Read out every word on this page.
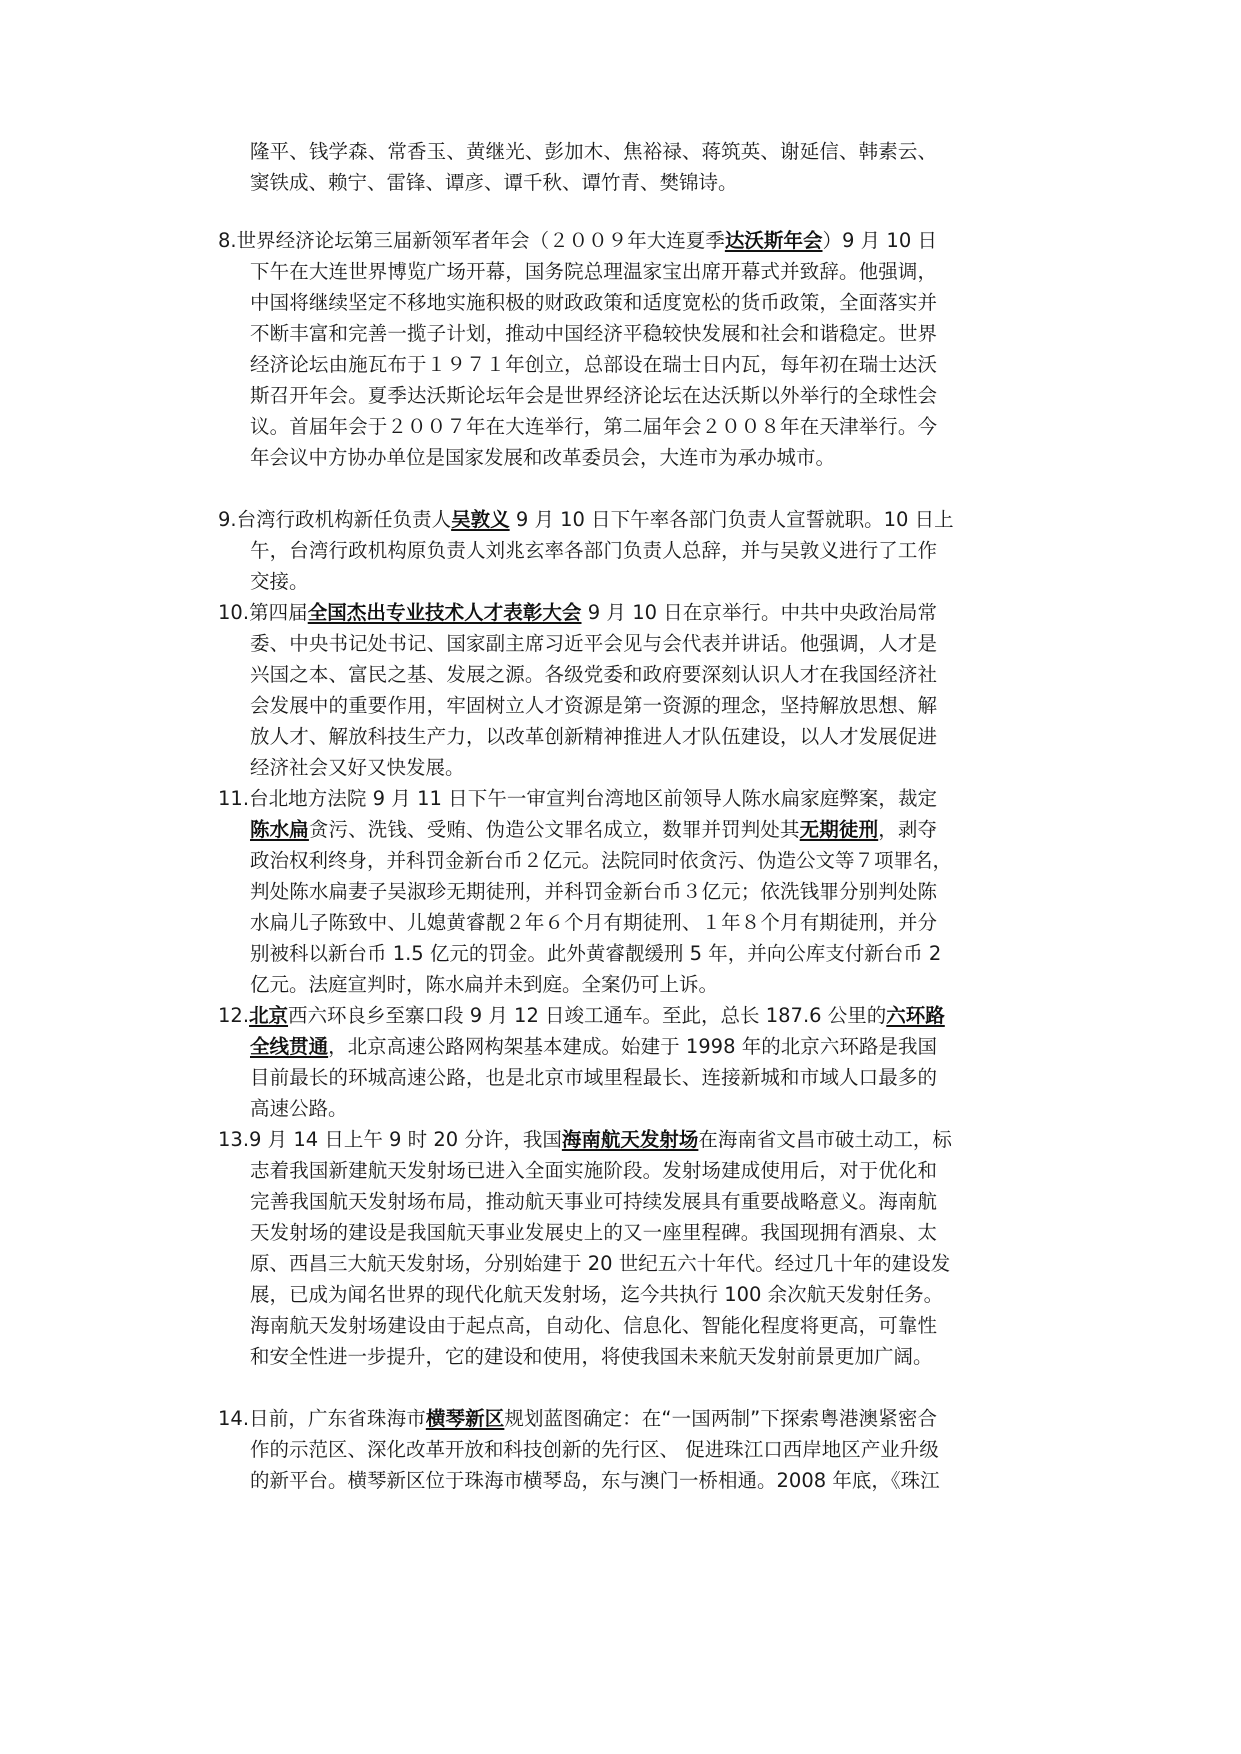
隆平、钱学森、常香玉、黄继光、彭加木、焦裕禄、蒋筑英、谢延信、韩素云、
窦铁成、赖宁、雷锋、谭彦、谭千秋、谭竹青、樊锦诗。
8.世界经济论坛第三届新领军者年会（２００９年大连夏季达沃斯年会）9 月 10 日
下午在大连世界博览广场开幕，国务院总理温家宝出席开幕式并致辞。他强调，
中国将继续坚定不移地实施积极的财政政策和适度宽松的货币政策，全面落实并
不断丰富和完善一揽子计划，推动中国经济平稳较快发展和社会和谐稳定。世界
经济论坛由施瓦布于１９７１年创立，总部设在瑞士日内瓦，每年初在瑞士达沃
斯召开年会。夏季达沃斯论坛年会是世界经济论坛在达沃斯以外举行的全球性会
议。首届年会于２００７年在大连举行，第二届年会２００８年在天津举行。今
年会议中方协办单位是国家发展和改革委员会，大连市为承办城市。
9.台湾行政机构新任负责人吴敦义 9 月 10 日下午率各部门负责人宣誓就职。10 日上
午，台湾行政机构原负责人刘兆玄率各部门负责人总辞，并与吴敦义进行了工作
交接。
10.第四届全国杰出专业技术人才表彰大会 9 月 10 日在京举行。中共中央政治局常
委、中央书记处书记、国家副主席习近平会见与会代表并讲话。他强调，人才是
兴国之本、富民之基、发展之源。各级党委和政府要深刻认识人才在我国经济社
会发展中的重要作用，牢固树立人才资源是第一资源的理念，坚持解放思想、解
放人才、解放科技生产力，以改革创新精神推进人才队伍建设，以人才发展促进
经济社会又好又快发展。
11.台北地方法院 9 月 11 日下午一审宣判台湾地区前领导人陈水扁家庭弊案，裁定
陈水扁贪污、洗钱、受贿、伪造公文罪名成立，数罪并罚判处其无期徒刑，剥夺
政治权利终身，并科罚金新台币２亿元。法院同时依贪污、伪造公文等７项罪名，
判处陈水扁妻子吴淑珍无期徒刑，并科罚金新台币３亿元；依洗钱罪分别判处陈
水扁儿子陈致中、儿媳黄睿靓２年６个月有期徒刑、１年８个月有期徒刑，并分
别被科以新台币 1.5 亿元的罚金。此外黄睿靓缓刑 5 年，并向公库支付新台币 2
亿元。法庭宣判时，陈水扁并未到庭。全案仍可上诉。
12.北京西六环良乡至寨口段 9 月 12 日竣工通车。至此，总长 187.6 公里的六环路
全线贯通，北京高速公路网构架基本建成。始建于 1998 年的北京六环路是我国
目前最长的环城高速公路，也是北京市域里程最长、连接新城和市域人口最多的
高速公路。
13.9 月 14 日上午 9 时 20 分许，我国海南航天发射场在海南省文昌市破土动工，标
志着我国新建航天发射场已进入全面实施阶段。发射场建成使用后，对于优化和
完善我国航天发射场布局，推动航天事业可持续发展具有重要战略意义。海南航
天发射场的建设是我国航天事业发展史上的又一座里程碑。我国现拥有酒泉、太
原、西昌三大航天发射场，分别始建于 20 世纪五六十年代。经过几十年的建设发
展，已成为闻名世界的现代化航天发射场，迄今共执行 100 余次航天发射任务。
海南航天发射场建设由于起点高，自动化、信息化、智能化程度将更高，可靠性
和安全性进一步提升，它的建设和使用，将使我国未来航天发射前景更加广阔。
14.日前，广东省珠海市横琴新区规划蓝图确定：在“一国两制”下探索粤港澳紧密合
作的示范区、深化改革开放和科技创新的先行区、 促进珠江口西岸地区产业升级
的新平台。横琴新区位于珠海市横琴岛，东与澳门一桥相通。2008 年底，《珠江
